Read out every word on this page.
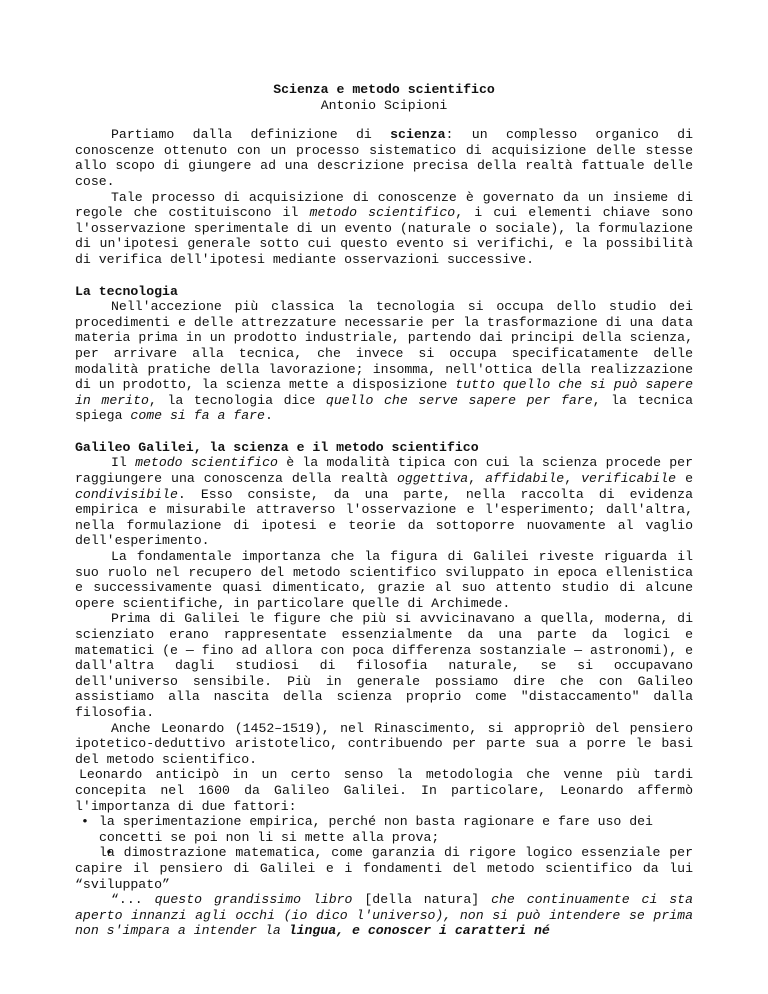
Scienza e metodo scientifico
Antonio Scipioni

Partiamo dalla definizione di scienza: un complesso organico di conoscenze ottenuto con un processo sistematico di acquisizione delle stesse allo scopo di giungere ad una descrizione precisa della realtà fattuale delle cose.

Tale processo di acquisizione di conoscenze è governato da un insieme di regole che costituiscono il metodo scientifico, i cui elementi chiave sono l'osservazione sperimentale di un evento (naturale o sociale), la formulazione di un'ipotesi generale sotto cui questo evento si verifichi, e la possibilità di verifica dell'ipotesi mediante osservazioni successive.

La tecnologia

Nell'accezione più classica la tecnologia si occupa dello studio dei procedimenti e delle attrezzature necessarie per la trasformazione di una data materia prima in un prodotto industriale, partendo dai principi della scienza, per arrivare alla tecnica, che invece si occupa specificatamente delle modalità pratiche della lavorazione; insomma, nell'ottica della realizzazione di un prodotto, la scienza mette a disposizione tutto quello che si può sapere in merito, la tecnologia dice quello che serve sapere per fare, la tecnica spiega come si fa a fare.

Galileo Galilei, la scienza e il metodo scientifico

Il metodo scientifico è la modalità tipica con cui la scienza procede per raggiungere una conoscenza della realtà oggettiva, affidabile, verificabile e condivisibile. Esso consiste, da una parte, nella raccolta di evidenza empirica e misurabile attraverso l'osservazione e l'esperimento; dall'altra, nella formulazione di ipotesi e teorie da sottoporre nuovamente al vaglio dell'esperimento.

La fondamentale importanza che la figura di Galilei riveste riguarda il suo ruolo nel recupero del metodo scientifico sviluppato in epoca ellenistica e successivamente quasi dimenticato, grazie al suo attento studio di alcune opere scientifiche, in particolare quelle di Archimede.

Prima di Galilei le figure che più si avvicinavano a quella, moderna, di scienziato erano rappresentate essenzialmente da una parte da logici e matematici (e — fino ad allora con poca differenza sostanziale — astronomi), e dall'altra dagli studiosi di filosofia naturale, se si occupavano dell'universo sensibile. Più in generale possiamo dire che con Galileo assistiamo alla nascita della scienza proprio come "distaccamento" dalla filosofia.

Anche Leonardo (1452–1519), nel Rinascimento, si appropriò del pensiero ipotetico-deduttivo aristotelico, contribuendo per parte sua a porre le basi del metodo scientifico.

Leonardo anticipò in un certo senso la metodologia che venne più tardi concepita nel 1600 da Galileo Galilei. In particolare, Leonardo affermò l'importanza di due fattori:

• la sperimentazione empirica, perché non basta ragionare e fare uso dei concetti se poi non li si mette alla prova;
• la dimostrazione matematica, come garanzia di rigore logico essenziale per capire il pensiero di Galilei e i fondamenti del metodo scientifico da lui “sviluppato”

“... questo grandissimo libro [della natura] che continuamente ci sta aperto innanzi agli occhi (io dico l'universo), non si può intendere se prima non s'impara a intender la lingua, e conoscer i caratteri né
